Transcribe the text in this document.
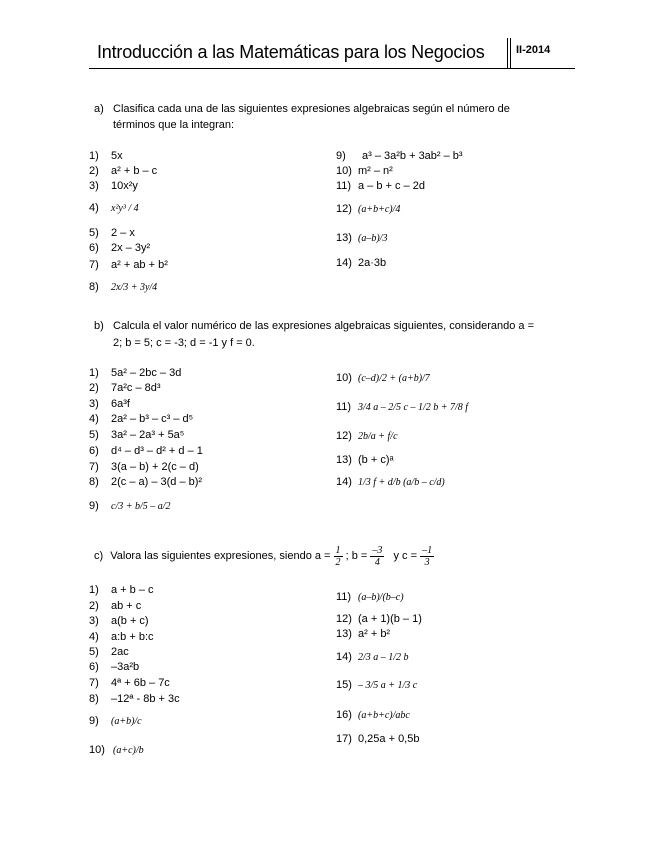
Introducción a las Matemáticas para los Negocios	II-2014
a) Clasifica cada una de las siguientes expresiones algebraicas según el número de
términos que la integran:
1) 5x
2) a² + b – c
3) 10x²y
4) x²y³ / 4
5) 2 – x
6) 2x – 3y²
7) a² + ab + b²
8) 2x/3 + 3y/4
9) a³ – 3a²b + 3ab² – b³
10) m² – n²
11) a – b + c – 2d
12) (a+b+c)/4
13) (a–b)/3
14) 2a·3b
b) Calcula el valor numérico de las expresiones algebraicas siguientes, considerando a =
2; b = 5; c = -3; d = -1 y f = 0.
1) 5a² – 2bc – 3d
2) 7a²c – 8d³
3) 6a³f
4) 2a² – b³ – c³ – d⁵
5) 3a² – 2a³ + 5a⁵
6) d⁴ – d³ – d² + d – 1
7) 3(a – b) + 2(c – d)
8) 2(c – a) – 3(d – b)²
9) c/3 + b/5 – a/2
10) (c–d)/2 + (a+b)/7
11) 3/4 a – 2/5 c – 1/2 b + 7/8 f
12) 2b/a + f/c
13) (b + c)ᵃ
14) 1/3 f + d/b (a/b – c/d)
c) Valora las siguientes expresiones, siendo $a = \frac{1}{2}$ ; $b = \frac{-3}{4}$ y $c = \frac{-1}{3}$
1) a + b – c
2) ab + c
3) a(b + c)
4) a:b + b:c
5) 2ac
6) –3a²b
7) 4ª + 6b – 7c
8) –12ª - 8b + 3c
9) (a+b)/c
10) (a+c)/b
11) (a–b)/(b–c)
12) (a + 1)(b – 1)
13) a² + b²
14) 2/3 a – 1/2 b
15) – 3/5 a + 1/3 c
16) (a+b+c)/abc
17) 0,25a + 0,5b
